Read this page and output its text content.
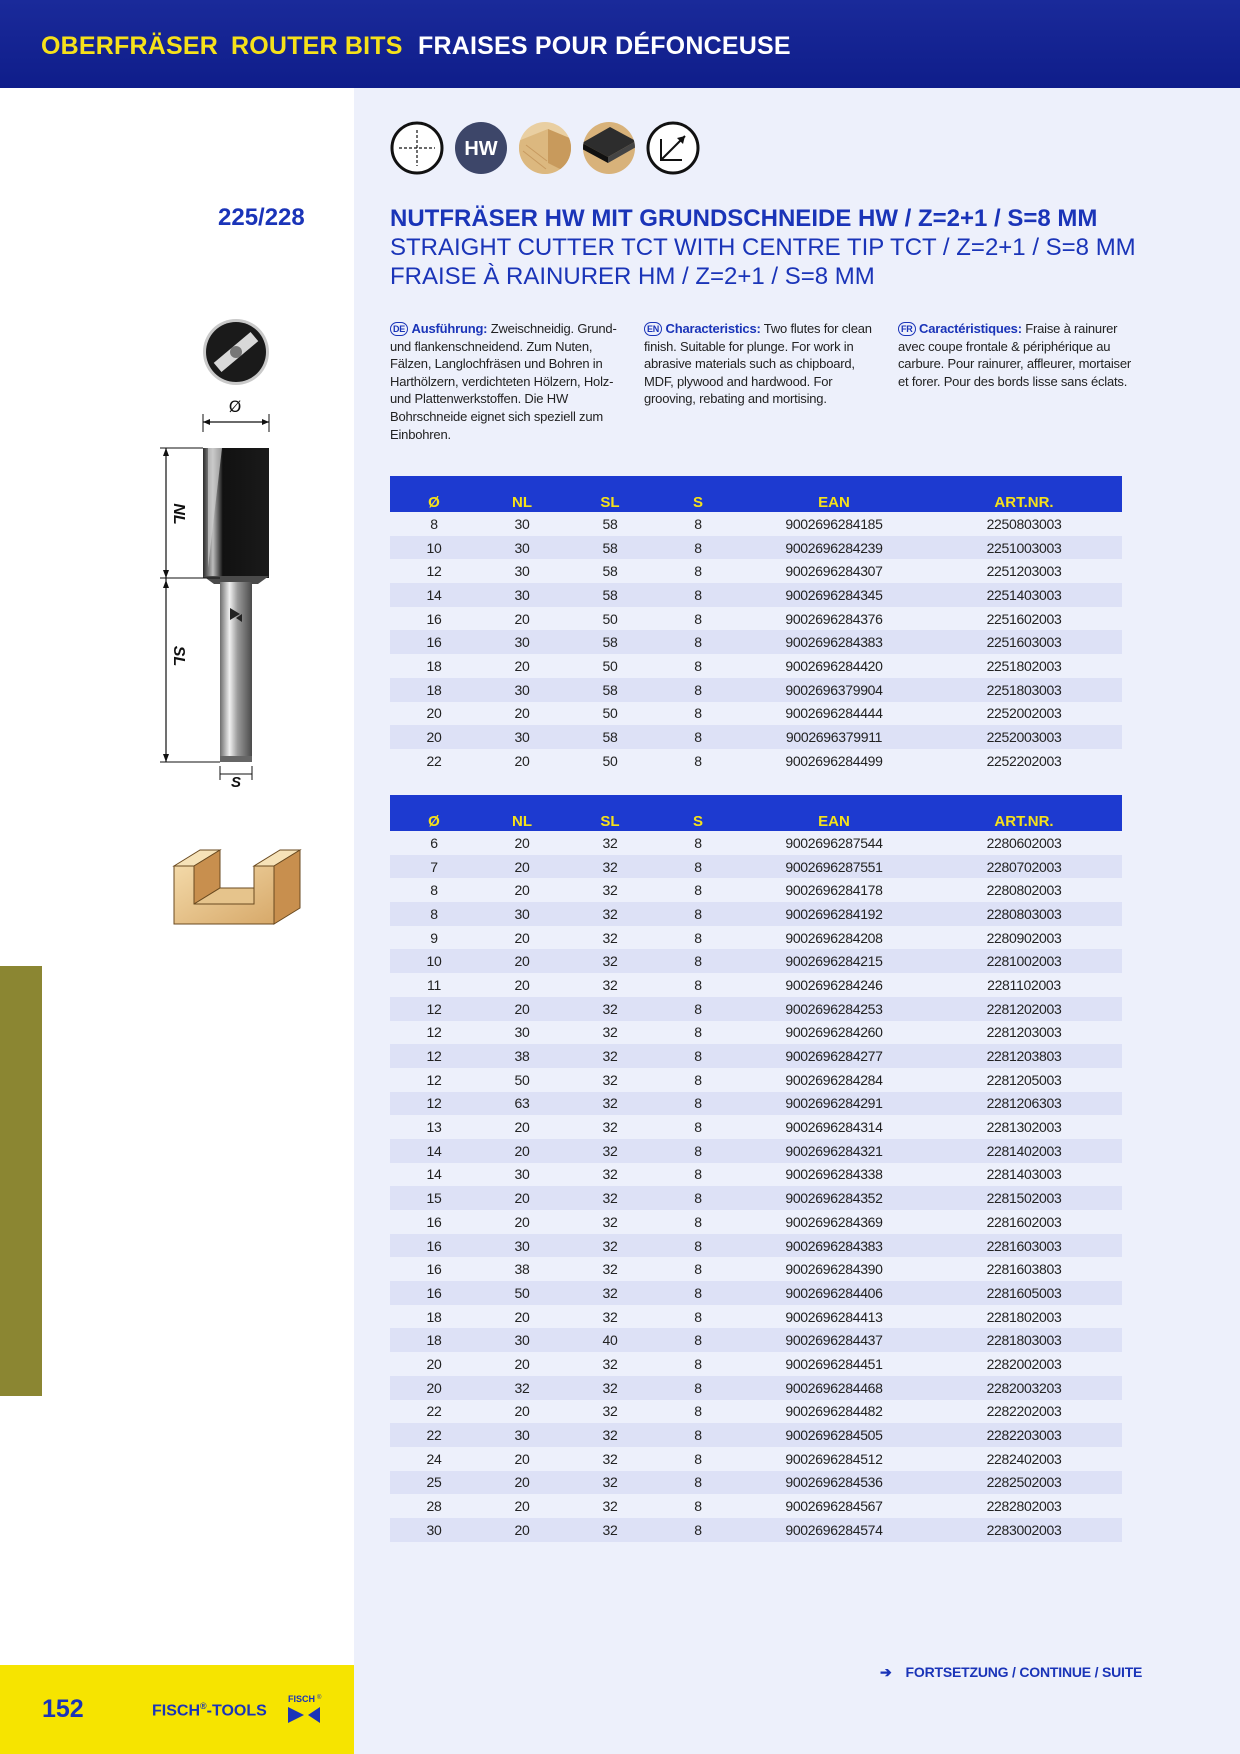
OBERFRÄSER ROUTER BITS FRAISES POUR DÉFONCEUSE
HW
225/228	NUTFRÄSER HW MIT GRUNDSCHNEIDE HW / Z=2+1 / S=8 MM
STRAIGHT CUTTER TCT WITH CENTRE TIP TCT / Z=2+1 / S=8 MM
FRAISE À RAINURER HM / Z=2+1 / S=8 MM
DE Ausführung: Zweischneidig. Grund- und flankenschneidend. Zum Nuten, Fälzen, Langlochfräsen und Bohren in Harthölzern, verdichteten Hölzern, Holz- und Plattenwerkstoffen. Die HW Bohrschneide eignet sich speziell zum Einbohren.
EN Characteristics: Two flutes for clean finish. Suitable for plunge. For work in abrasive materials such as chipboard, MDF, plywood and hardwood. For grooving, rebating and mortising.
FR Caractéristiques: Fraise à rainurer avec coupe frontale & périphérique au carbure. Pour rainurer, affleurer, mortaiser et forer. Pour des bords lisse sans éclats.
Ø
NL
SL
S
Ø	NL	SL	S	EAN	ART.NR.
8	30	58	8	9002696284185	2250803003
10	30	58	8	9002696284239	2251003003
12	30	58	8	9002696284307	2251203003
14	30	58	8	9002696284345	2251403003
16	20	50	8	9002696284376	2251602003
16	30	58	8	9002696284383	2251603003
18	20	50	8	9002696284420	2251802003
18	30	58	8	9002696379904	2251803003
20	20	50	8	9002696284444	2252002003
20	30	58	8	9002696379911	2252003003
22	20	50	8	9002696284499	2252202003
Ø	NL	SL	S	EAN	ART.NR.
6	20	32	8	9002696287544	2280602003
7	20	32	8	9002696287551	2280702003
8	20	32	8	9002696284178	2280802003
8	30	32	8	9002696284192	2280803003
9	20	32	8	9002696284208	2280902003
10	20	32	8	9002696284215	2281002003
11	20	32	8	9002696284246	2281102003
12	20	32	8	9002696284253	2281202003
12	30	32	8	9002696284260	2281203003
12	38	32	8	9002696284277	2281203803
12	50	32	8	9002696284284	2281205003
12	63	32	8	9002696284291	2281206303
13	20	32	8	9002696284314	2281302003
14	20	32	8	9002696284321	2281402003
14	30	32	8	9002696284338	2281403003
15	20	32	8	9002696284352	2281502003
16	20	32	8	9002696284369	2281602003
16	30	32	8	9002696284383	2281603003
16	38	32	8	9002696284390	2281603803
16	50	32	8	9002696284406	2281605003
18	20	32	8	9002696284413	2281802003
18	30	40	8	9002696284437	2281803003
20	20	32	8	9002696284451	2282002003
20	32	32	8	9002696284468	2282003203
22	20	32	8	9002696284482	2282202003
22	30	32	8	9002696284505	2282203003
24	20	32	8	9002696284512	2282402003
25	20	32	8	9002696284536	2282502003
28	20	32	8	9002696284567	2282802003
30	20	32	8	9002696284574	2283002003
➔ FORTSETZUNG / CONTINUE / SUITE
152	FISCH®-TOOLS
FISCH ®
